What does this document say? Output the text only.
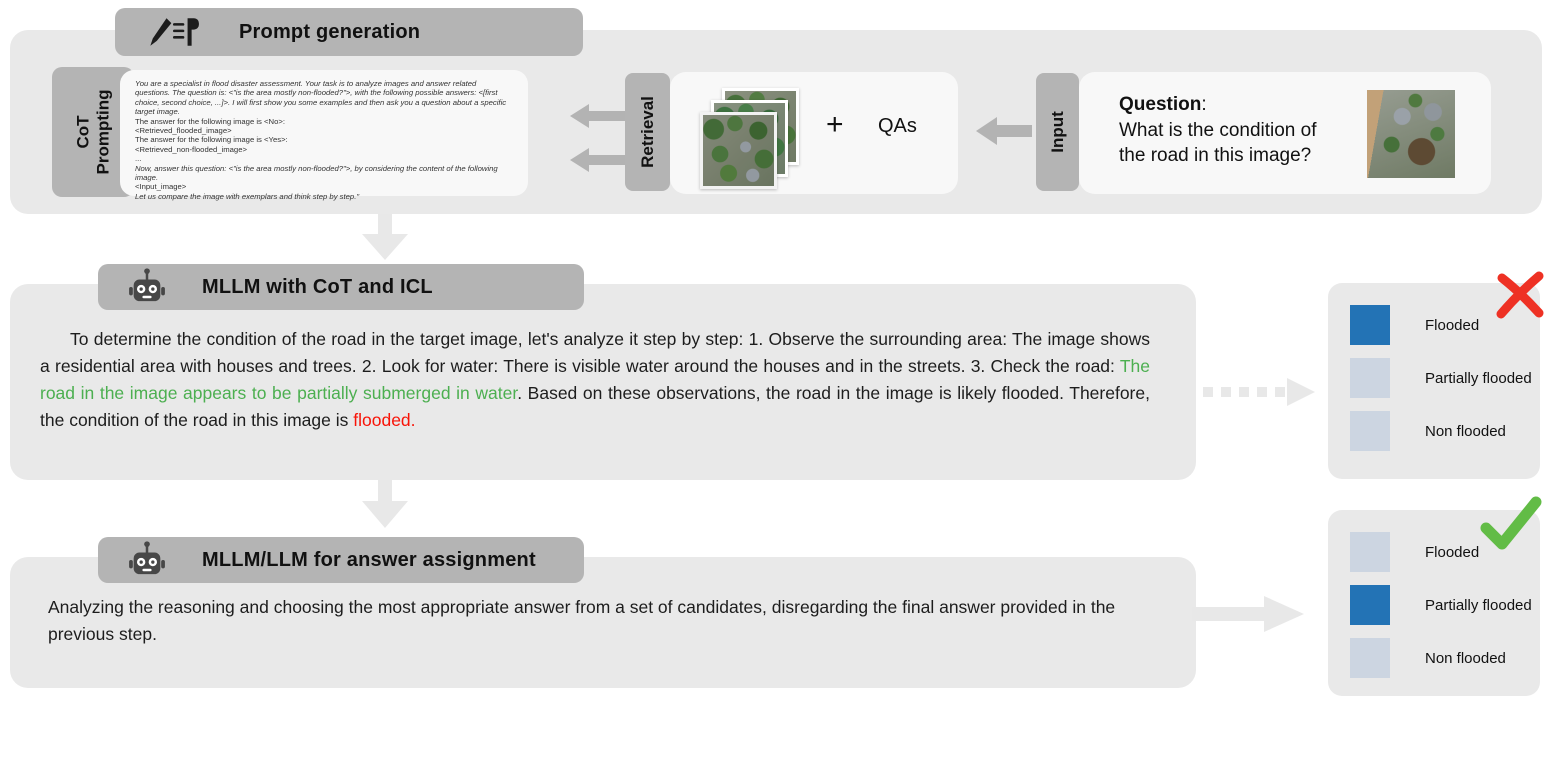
Prompt generation
CoT Prompting
You are a specialist in flood disaster assessment. Your task is to analyze images and answer related questions. The question is: <"is the area mostly non-flooded?">, with the following possible answers: <[first choice, second choice, ...]>. I will first show you some examples and then ask you a question about a specific target image.
The answer for the following image is <No>:
<Retrieved_flooded_image>
The answer for the following image is <Yes>:
<Retrieved_non-flooded_image>
...
Now, answer this question: <"is the area mostly non-flooded?">, by considering the content of the following image.
<Input_image>
Let us compare the image with exemplars and think step by step."
Retrieval	+ QAs	Input
Question:
What is the condition of
the road in this image?
MLLM with CoT and ICL

To determine the condition of the road in the target image, let's analyze it step by step: 1. Observe the surrounding area: The image shows a residential area with houses and trees. 2. Look for water: There is visible water around the houses and in the streets. 3. Check the road: The road in the image appears to be partially submerged in water. Based on these observations, the road in the image is likely flooded. Therefore, the condition of the road in this image is flooded.

Flooded
Partially flooded
Non flooded
MLLM/LLM for answer assignment

Analyzing the reasoning and choosing the most appropriate answer from a set of candidates, disregarding the final answer provided in the previous step.

Flooded
Partially flooded
Non flooded
